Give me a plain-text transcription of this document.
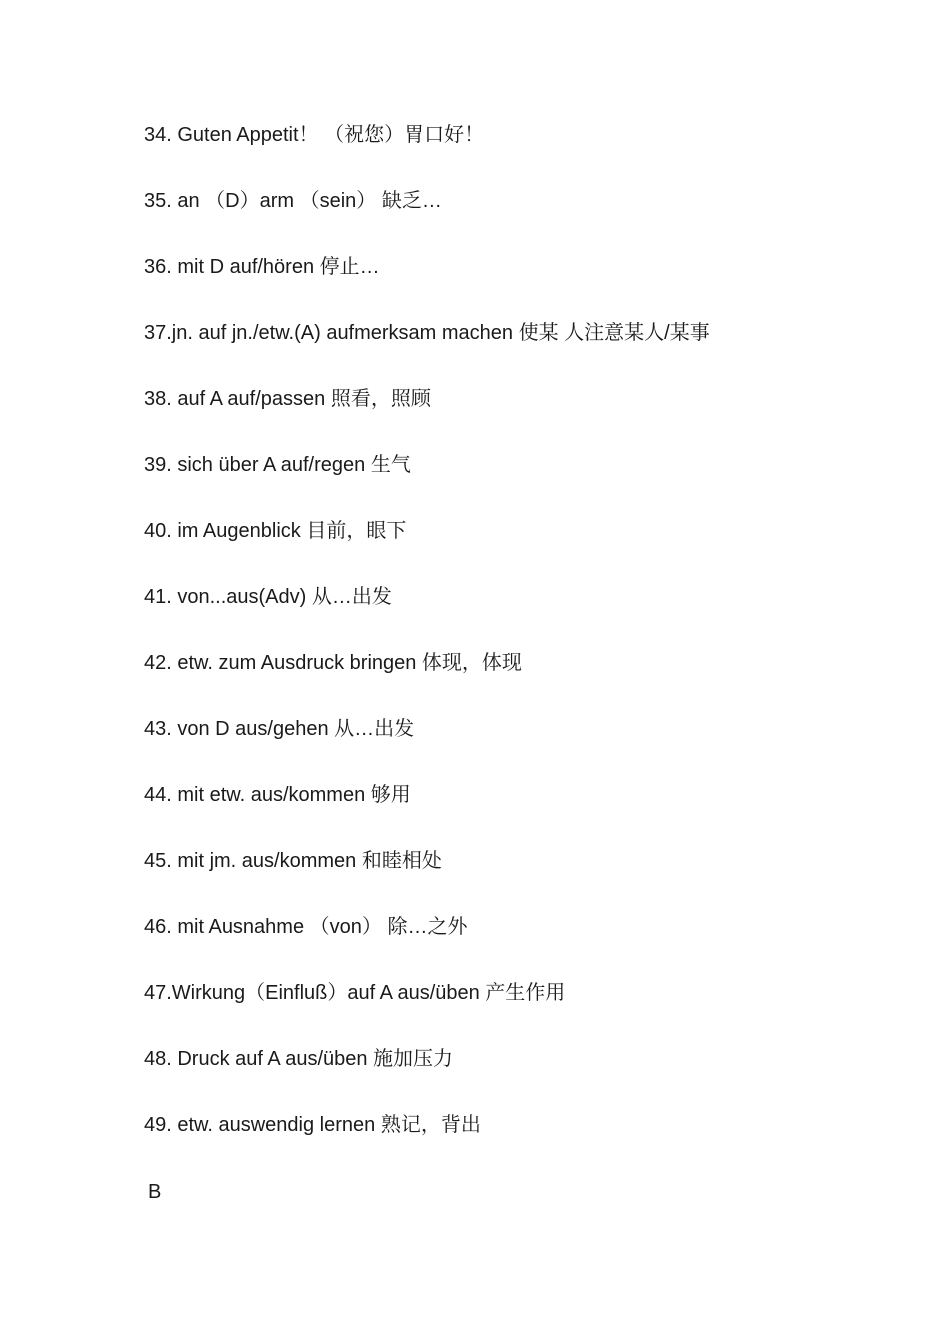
34. Guten Appetit！ （祝您）胃口好！
35. an （D）arm （sein） 缺乏…
36. mit D auf/hören 停止…
37.jn. auf jn./etw.(A) aufmerksam machen 使某 人注意某人/某事
38. auf A auf/passen 照看，照顾
39. sich über A auf/regen 生气
40. im Augenblick 目前，眼下
41. von...aus(Adv) 从…出发
42. etw. zum Ausdruck bringen 体现，体现
43. von D aus/gehen 从…出发
44. mit etw. aus/kommen 够用
45. mit jm. aus/kommen 和睦相处
46. mit Ausnahme （von） 除…之外
47.Wirkung（Einfluß）auf A aus/üben 产生作用
48. Druck auf A aus/üben 施加压力
49. etw. auswendig lernen 熟记，背出
B
